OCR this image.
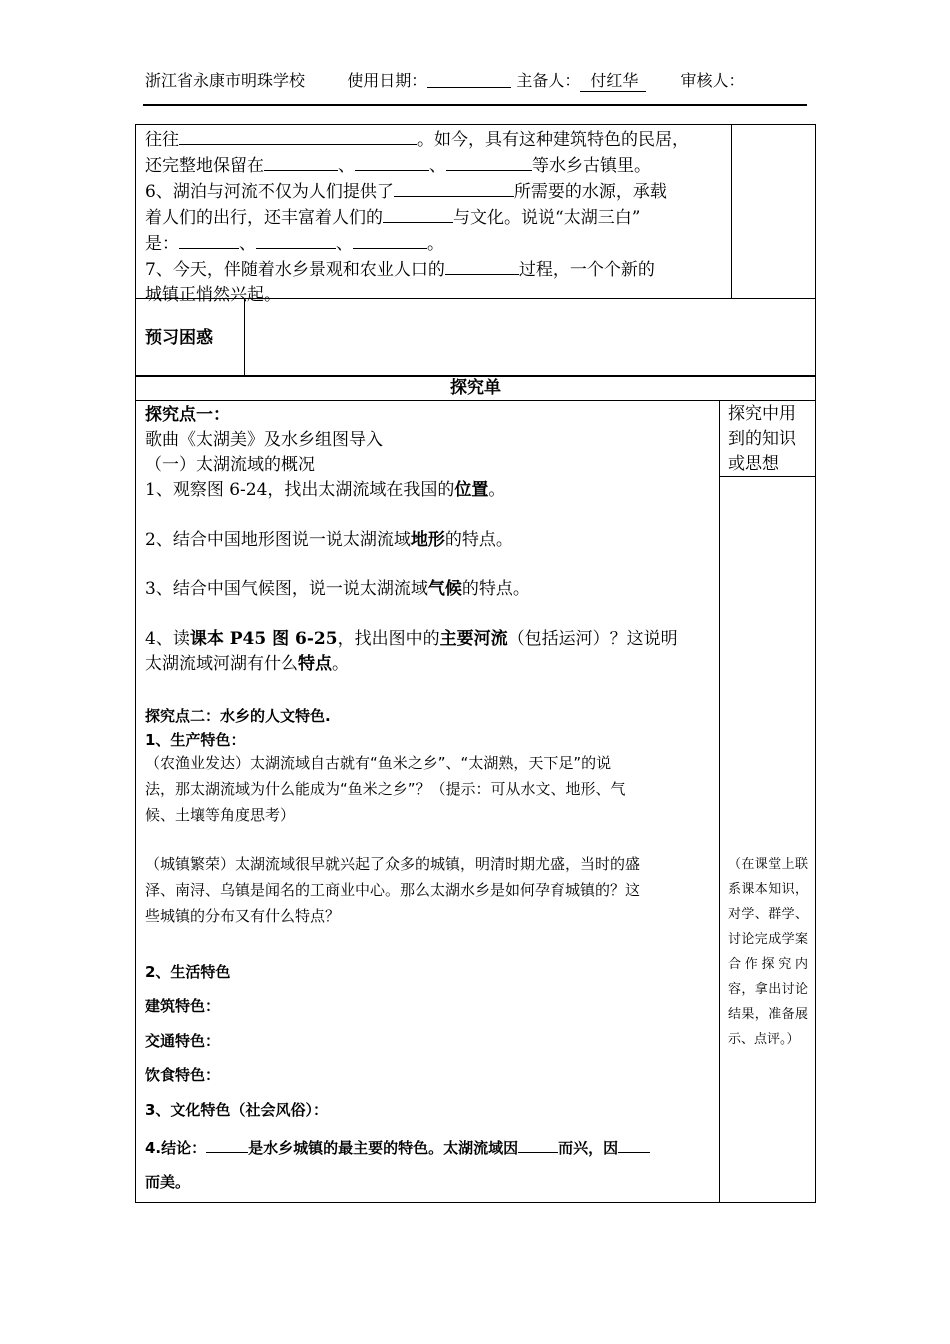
浙江省永康市明珠学校	使用日期：	主备人： 付红华	审核人：
往往	。如今，具有这种建筑特色的民居，
还完整地保留在	、	、	等水乡古镇里。
6、湖泊与河流不仅为人们提供了	所需要的水源，承载
着人们的出行，还丰富着人们的	与文化。说说“太湖三白”
是：	、	、	。
7、今天，伴随着水乡景观和农业人口的	过程，一个个新的
城镇正悄然兴起。
预习困惑
探究单
探究中用到的知识或思想
（在课堂上联系课本知识，对学、群学、讨论完成学案合作探究内容，拿出讨论结果，准备展示、点评。）
探究点一：
歌曲《太湖美》及水乡组图导入
（一）太湖流域的概况
1、观察图 6-24，找出太湖流域在我国的位置。
2、结合中国地形图说一说太湖流域地形的特点。
3、结合中国气候图，说一说太湖流域气候的特点。
4、读课本 P45 图 6-25，找出图中的主要河流（包括运河）？这说明
太湖流域河湖有什么特点。
探究点二：水乡的人文特色.
1、生产特色：
（农渔业发达）太湖流域自古就有“鱼米之乡”、“太湖熟，天下足”的说
法，那太湖流域为什么能成为“鱼米之乡”？（提示：可从水文、地形、气
候、土壤等角度思考）
（城镇繁荣）太湖流域很早就兴起了众多的城镇，明清时期尤盛，当时的盛
泽、南浔、乌镇是闻名的工商业中心。那么太湖水乡是如何孕育城镇的？这
些城镇的分布又有什么特点？
2、生活特色
建筑特色：
交通特色：
饮食特色：
3、文化特色（社会风俗）：
4.结论：	是水乡城镇的最主要的特色。太湖流域因	而兴，因
而美。
